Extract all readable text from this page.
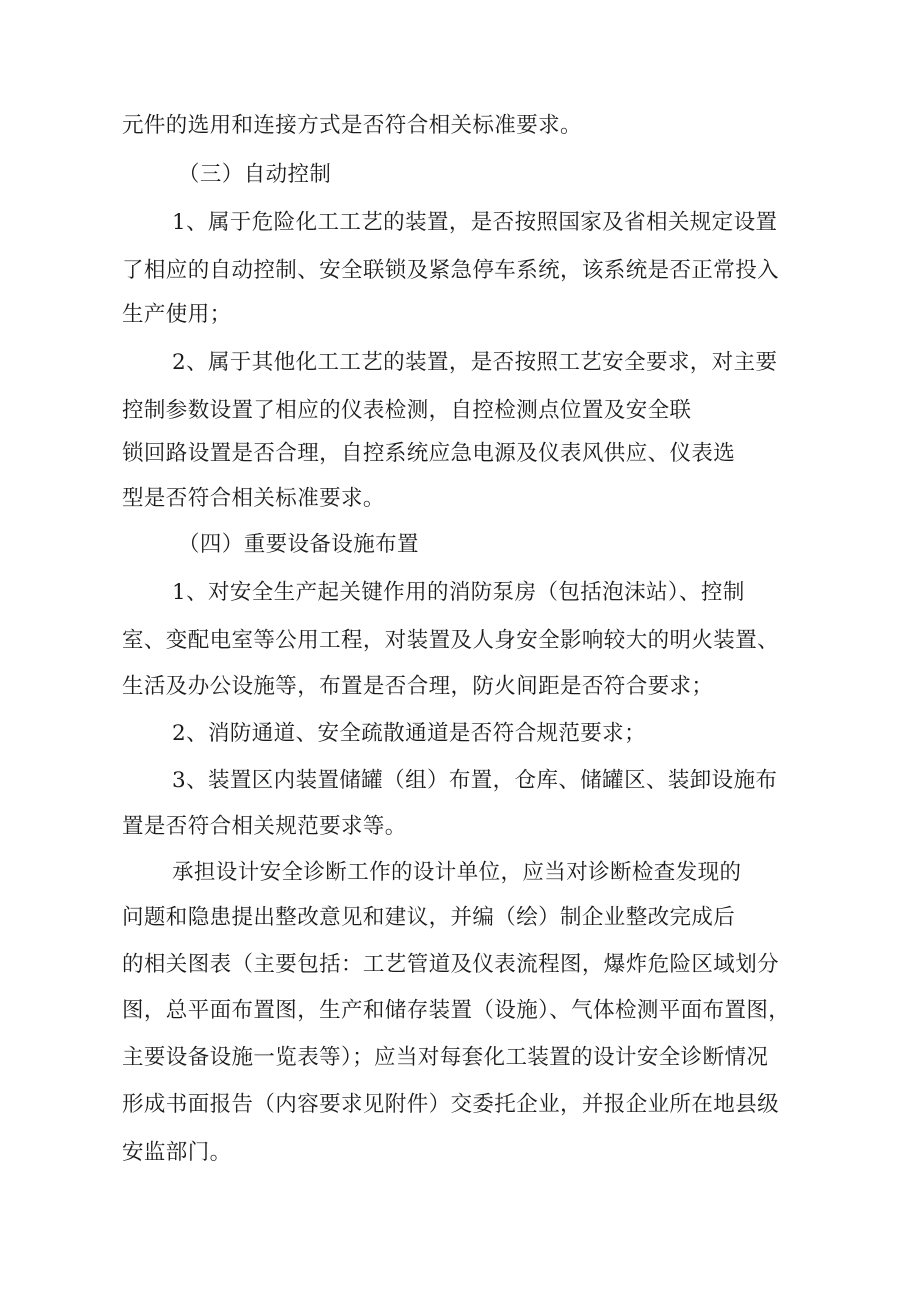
元件的选用和连接方式是否符合相关标准要求。
（三）自动控制
1、属于危险化工工艺的装置，是否按照国家及省相关规定设置
了相应的自动控制、安全联锁及紧急停车系统，该系统是否正常投入
生产使用；
2、属于其他化工工艺的装置，是否按照工艺安全要求，对主要
控制参数设置了相应的仪表检测，自控检测点位置及安全联
锁回路设置是否合理，自控系统应急电源及仪表风供应、仪表选
型是否符合相关标准要求。
（四）重要设备设施布置
1、对安全生产起关键作用的消防泵房（包括泡沫站）、控制
室、变配电室等公用工程，对装置及人身安全影响较大的明火装置、
生活及办公设施等，布置是否合理，防火间距是否符合要求；
2、消防通道、安全疏散通道是否符合规范要求；
3、装置区内装置储罐（组）布置，仓库、储罐区、装卸设施布
置是否符合相关规范要求等。
承担设计安全诊断工作的设计单位，应当对诊断检查发现的
问题和隐患提出整改意见和建议，并编（绘）制企业整改完成后
的相关图表（主要包括：工艺管道及仪表流程图，爆炸危险区域划分
图，总平面布置图，生产和储存装置（设施）、气体检测平面布置图，
主要设备设施一览表等）；应当对每套化工装置的设计安全诊断情况
形成书面报告（内容要求见附件）交委托企业，并报企业所在地县级
安监部门。
